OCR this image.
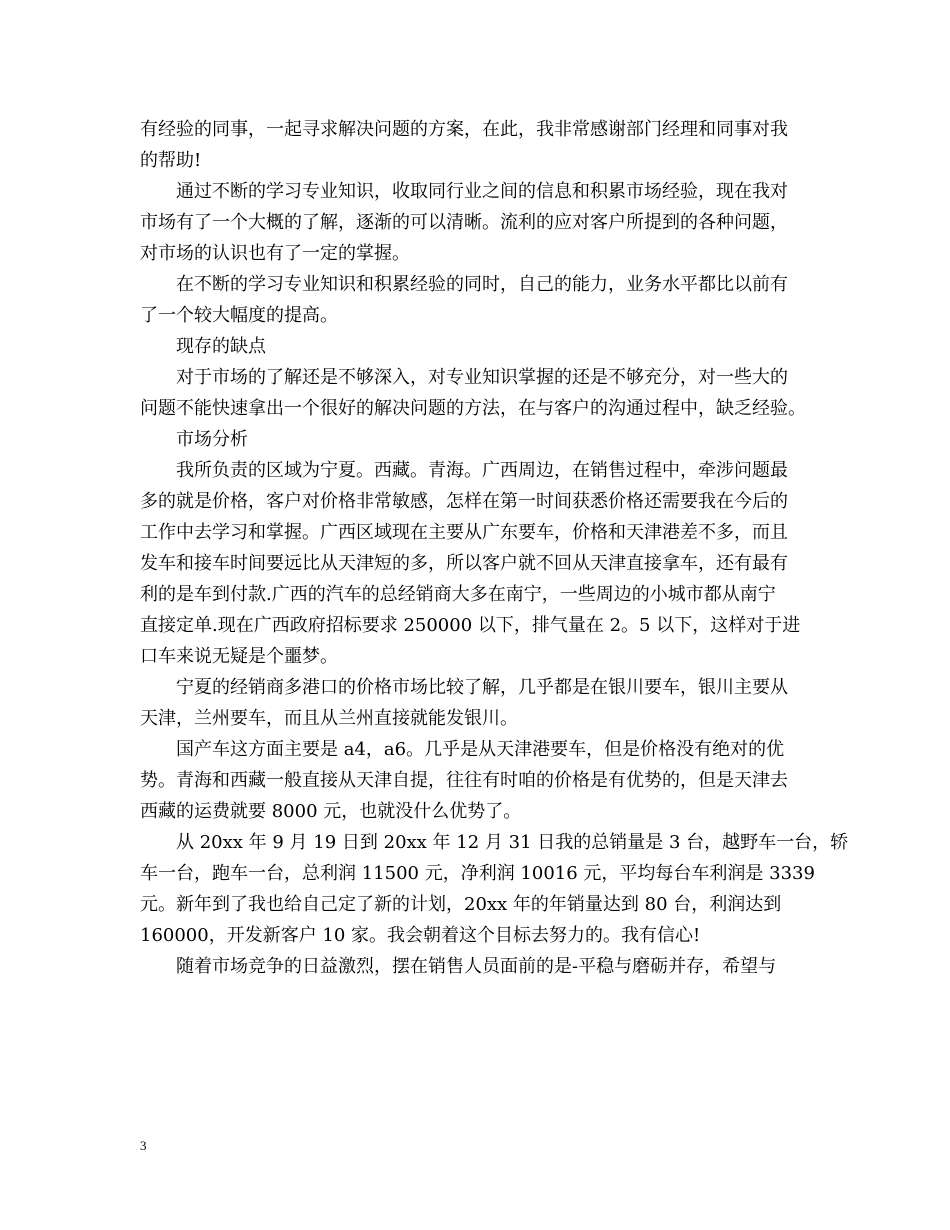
有经验的同事，一起寻求解决问题的方案，在此，我非常感谢部门经理和同事对我
的帮助!
通过不断的学习专业知识，收取同行业之间的信息和积累市场经验，现在我对
市场有了一个大概的了解，逐渐的可以清晰。流利的应对客户所提到的各种问题，
对市场的认识也有了一定的掌握。
在不断的学习专业知识和积累经验的同时，自己的能力，业务水平都比以前有
了一个较大幅度的提高。
现存的缺点
对于市场的了解还是不够深入，对专业知识掌握的还是不够充分，对一些大的
问题不能快速拿出一个很好的解决问题的方法，在与客户的沟通过程中，缺乏经验。
市场分析
我所负责的区域为宁夏。西藏。青海。广西周边，在销售过程中，牵涉问题最
多的就是价格，客户对价格非常敏感，怎样在第一时间获悉价格还需要我在今后的
工作中去学习和掌握。广西区域现在主要从广东要车，价格和天津港差不多，而且
发车和接车时间要远比从天津短的多，所以客户就不回从天津直接拿车，还有最有
利的是车到付款.广西的汽车的总经销商大多在南宁，一些周边的小城市都从南宁
直接定单.现在广西政府招标要求 250000 以下，排气量在 2。5 以下，这样对于进
口车来说无疑是个噩梦。
宁夏的经销商多港口的价格市场比较了解，几乎都是在银川要车，银川主要从
天津，兰州要车，而且从兰州直接就能发银川。
国产车这方面主要是 a4，a6。几乎是从天津港要车，但是价格没有绝对的优
势。青海和西藏一般直接从天津自提，往往有时咱的价格是有优势的，但是天津去
西藏的运费就要 8000 元，也就没什么优势了。
从 20xx 年 9 月 19 日到 20xx 年 12 月 31 日我的总销量是 3 台，越野车一台，轿
车一台，跑车一台，总利润 11500 元，净利润 10016 元，平均每台车利润是 3339
元。新年到了我也给自己定了新的计划，20xx 年的年销量达到 80 台，利润达到
160000，开发新客户 10 家。我会朝着这个目标去努力的。我有信心!
随着市场竞争的日益激烈，摆在销售人员面前的是-平稳与磨砺并存，希望与
3
